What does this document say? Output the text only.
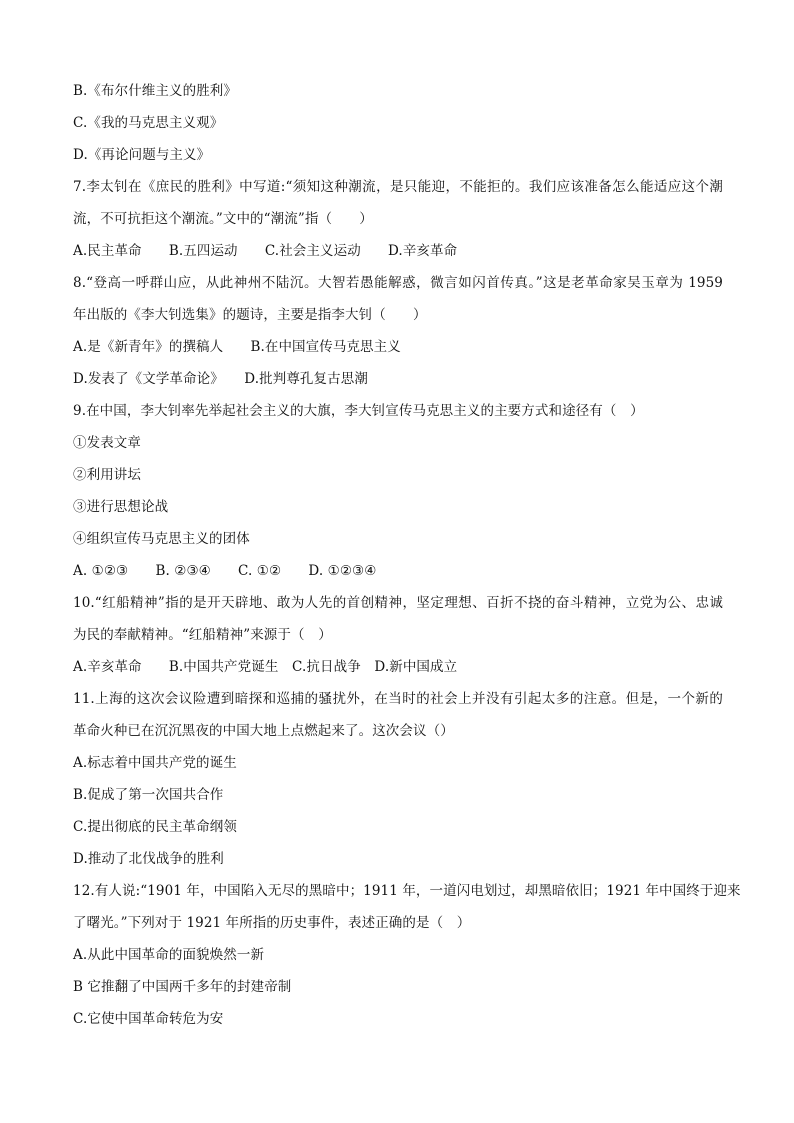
B.《布尔什维主义的胜利》
C.《我的马克思主义观》
D.《再论问题与主义》
7.李太钊在《庶民的胜利》中写道:“须知这种潮流，是只能迎，不能拒的。我们应该准备怎么能适应这个潮
流，不可抗拒这个潮流。”文中的“潮流”指（　　）
A.民主革命　　B.五四运动　　C.社会主义运动　　D.辛亥革命
8.“登高一呼群山应，从此神州不陆沉。大智若愚能解惑，微言如闪首传真。”这是老革命家吴玉章为 1959
年出版的《李大钊选集》的题诗，主要是指李大钊（　　）
A.是《新青年》的撰稿人　　B.在中国宣传马克思主义
D.发表了《文学革命论》　　D.批判尊孔复古思潮
9.在中国，李大钊率先举起社会主义的大旗，李大钊宣传马克思主义的主要方式和途径有（　）
①发表文章
②利用讲坛
③进行思想论战
④组织宣传马克思主义的团体
A. ①②③　　B. ②③④　　C. ①②　　D. ①②③④
10.“红船精神”指的是开天辟地、敢为人先的首创精神，坚定理想、百折不挠的奋斗精神，立党为公、忠诚
为民的奉献精神。“红船精神”来源于（　）
A.辛亥革命　　B.中国共产党诞生　C.抗日战争　D.新中国成立
11.上海的这次会议险遭到暗探和巡捕的骚扰外，在当时的社会上并没有引起太多的注意。但是，一个新的
革命火种已在沉沉黑夜的中国大地上点燃起来了。这次会议（）
A.标志着中国共产党的诞生
B.促成了第一次国共合作
C.提出彻底的民主革命纲领
D.推动了北伐战争的胜利
12.有人说:“1901 年，中国陷入无尽的黑暗中；1911 年，一道闪电划过，却黑暗依旧；1921 年中国终于迎来
了曙光。”下列对于 1921 年所指的历史事件，表述正确的是（　）
A.从此中国革命的面貌焕然一新
B 它推翻了中国两千多年的封建帝制
C.它使中国革命转危为安
